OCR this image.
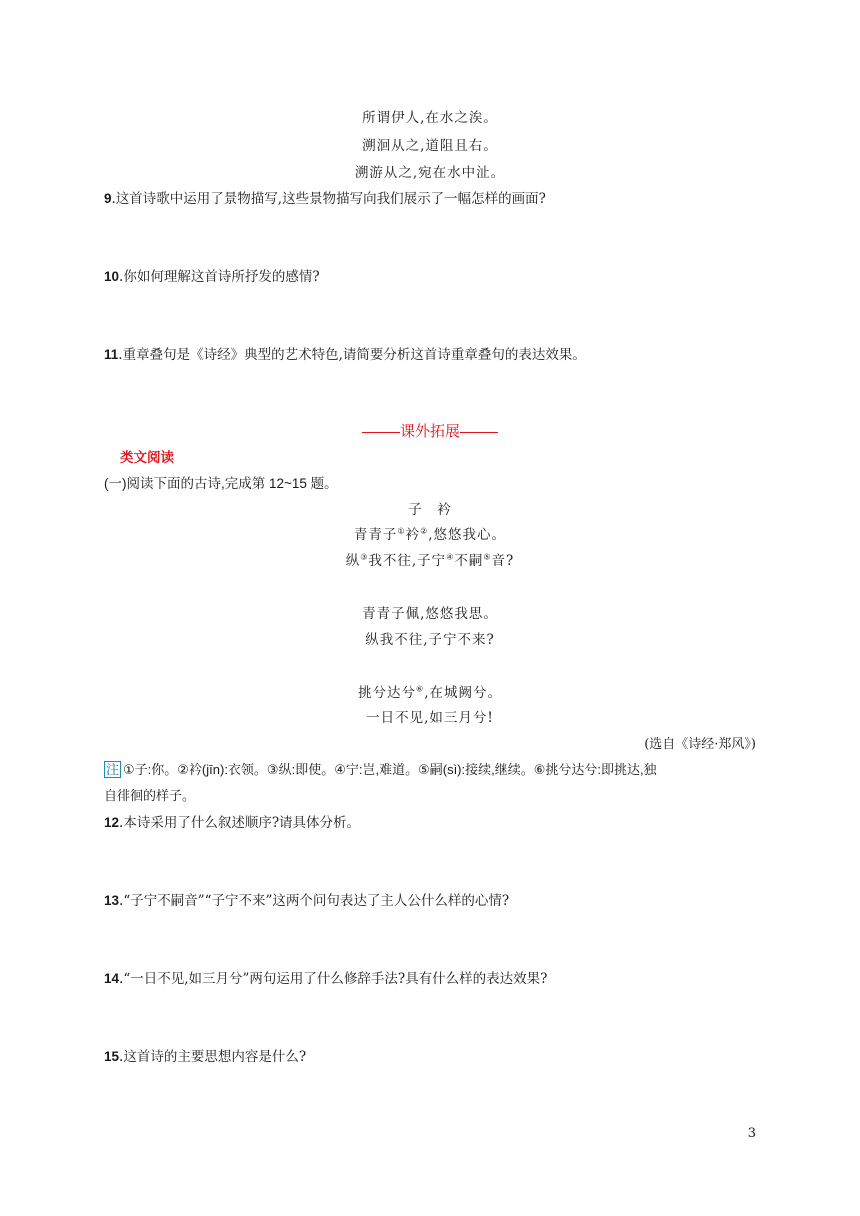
所谓伊人,在水之涘。
溯洄从之,道阻且右。
溯游从之,宛在水中沚。
9.这首诗歌中运用了景物描写,这些景物描写向我们展示了一幅怎样的画面?
10.你如何理解这首诗所抒发的感情?
11.重章叠句是《诗经》典型的艺术特色,请简要分析这首诗重章叠句的表达效果。
课外拓展
类文阅读
(一)阅读下面的古诗,完成第 12~15 题。
子　衿
青青子①衿②,悠悠我心。
纵③我不往,子宁④不嗣⑤音?
青青子佩,悠悠我思。
纵我不往,子宁不来?
挑兮达兮⑥,在城阙兮。
一日不见,如三月兮!
(选自《诗经·郑风》)
注 ①子:你。②衿(jīn):衣领。③纵:即使。④宁:岂,难道。⑤嗣(sì):接续,继续。⑥挑兮达兮:即挑达,独
自徘徊的样子。
12.本诗采用了什么叙述顺序?请具体分析。
13.“子宁不嗣音”“子宁不来”这两个问句表达了主人公什么样的心情?
14.“一日不见,如三月兮”两句运用了什么修辞手法?具有什么样的表达效果?
15.这首诗的主要思想内容是什么?
3
